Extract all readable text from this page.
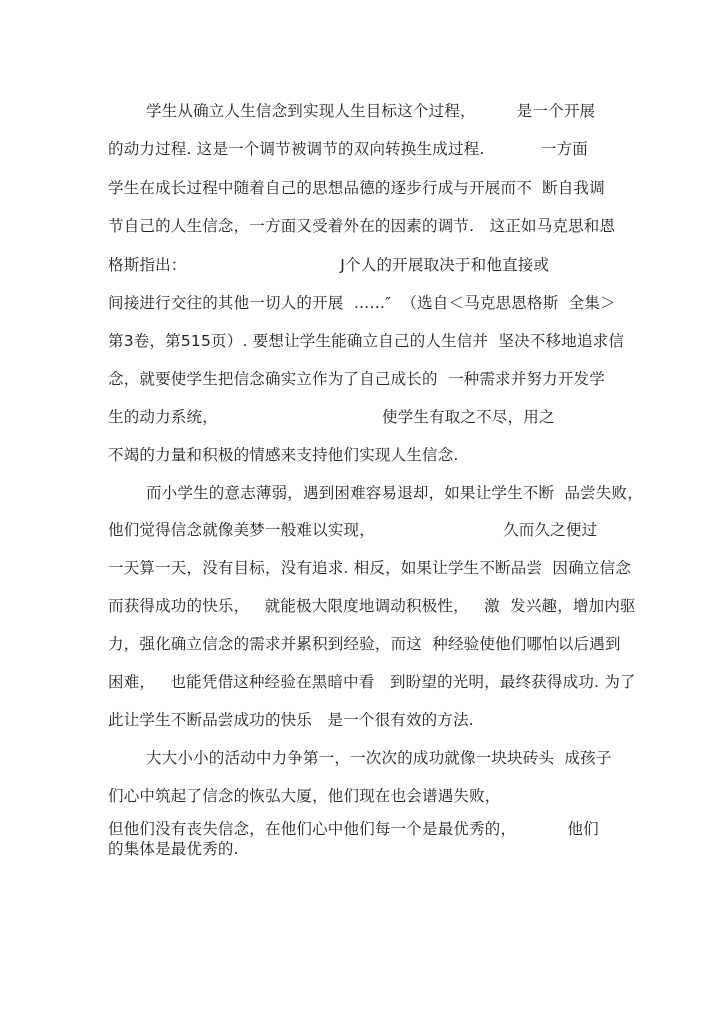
学生从确立人生信念到实现人生目标这个过程，        是一个开展
的动力过程. 这是一个调节被调节的双向转换生成过程.           一方面
学生在成长过程中随着自己的思想品德的逐步行成与开展而不  断自我调
节自己的人生信念，一方面又受着外在的因素的调节.   这正如马克思和恩
格斯指出：                              J个人的开展取决于和他直接或
间接进行交往的其他一切人的开展  ……″  （选自＜马克思恩格斯  全集＞
第3卷，第515页）. 要想让学生能确立自己的人生信并  坚决不移地追求信
念，就要使学生把信念确实立作为了自己成长的  一种需求并努力开发学
生的动力系统，                                使学生有取之不尽，用之
不竭的力量和积极的情感来支持他们实现人生信念.
而小学生的意志薄弱，遇到困难容易退却，如果让学生不断  品尝失败，
他们觉得信念就像美梦一般难以实现，                         久而久之便过
一天算一天，没有目标，没有追求. 相反，如果让学生不断品尝  因确立信念
而获得成功的快乐，   就能极大限度地调动积极性，   激  发兴趣，增加内驱
力，强化确立信念的需求并累积到经验，而这  种经验使他们哪怕以后遇到
困难，   也能凭借这种经验在黑暗中看   到盼望的光明，最终获得成功. 为了
此让学生不断品尝成功的快乐   是一个很有效的方法.
大大小小的活动中力争第一，一次次的成功就像一块块砖头  成孩子
们心中筑起了信念的恢弘大厦，他们现在也会谱遇失败，
但他们没有丧失信念，在他们心中他们每一个是最优秀的，          他们
的集体是最优秀的.
